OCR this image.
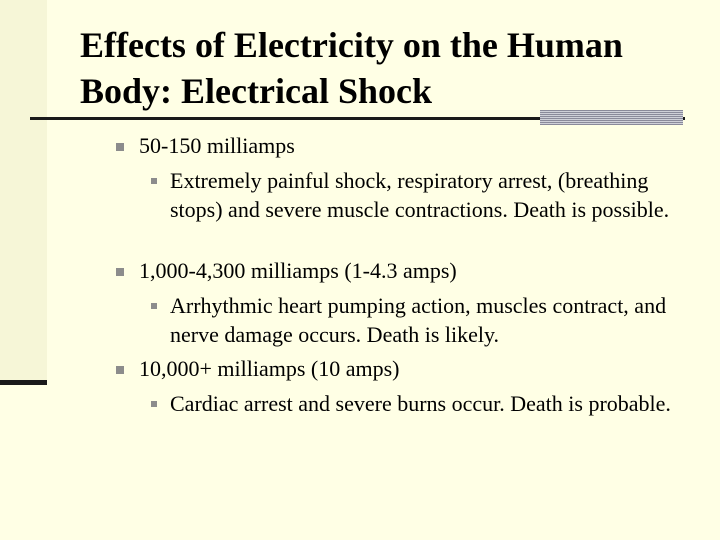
Effects of Electricity on the Human
Body: Electrical Shock
50-150 milliamps
Extremely painful shock, respiratory arrest, (breathing stops) and severe muscle contractions. Death is possible.
1,000-4,300 milliamps (1-4.3 amps)
Arrhythmic heart pumping action, muscles contract, and nerve damage occurs. Death is likely.
10,000+ milliamps (10 amps)
Cardiac arrest and severe burns occur. Death is probable.
